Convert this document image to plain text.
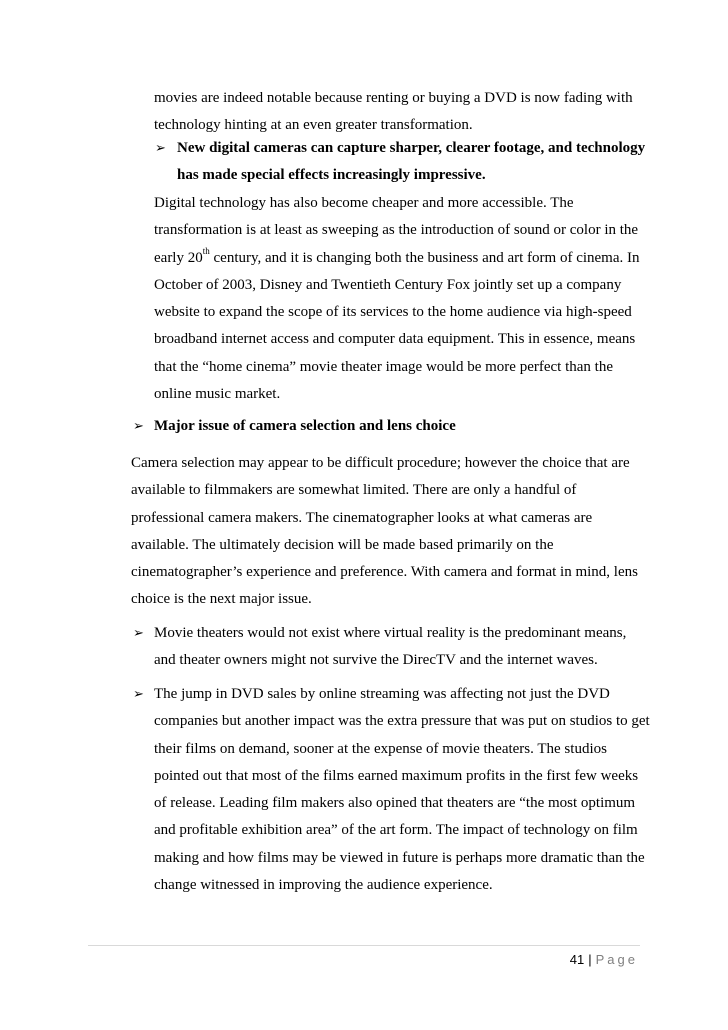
movies are indeed notable because renting or buying a DVD is now fading with
technology hinting at an even greater transformation.

➢ New digital cameras can capture sharper, clearer footage, and technology
has made special effects increasingly impressive.

Digital technology has also become cheaper and more accessible. The
transformation is at least as sweeping as the introduction of sound or color in the
early 20th century, and it is changing both the business and art form of cinema. In
October of 2003, Disney and Twentieth Century Fox jointly set up a company
website to expand the scope of its services to the home audience via high-speed
broadband internet access and computer data equipment. This in essence, means
that the “home cinema” movie theater image would be more perfect than the
online music market.

➢ Major issue of camera selection and lens choice

Camera selection may appear to be difficult procedure; however the choice that are
available to filmmakers are somewhat limited. There are only a handful of
professional camera makers. The cinematographer looks at what cameras are
available. The ultimately decision will be made based primarily on the
cinematographer’s experience and preference. With camera and format in mind, lens
choice is the next major issue.

➢ Movie theaters would not exist where virtual reality is the predominant means,
and theater owners might not survive the DirecTV and the internet waves.

➢ The jump in DVD sales by online streaming was affecting not just the DVD
companies but another impact was the extra pressure that was put on studios to get
their films on demand, sooner at the expense of movie theaters. The studios
pointed out that most of the films earned maximum profits in the first few weeks
of release. Leading film makers also opined that theaters are “the most optimum
and profitable exhibition area” of the art form. The impact of technology on film
making and how films may be viewed in future is perhaps more dramatic than the
change witnessed in improving the audience experience.

41 | Page
